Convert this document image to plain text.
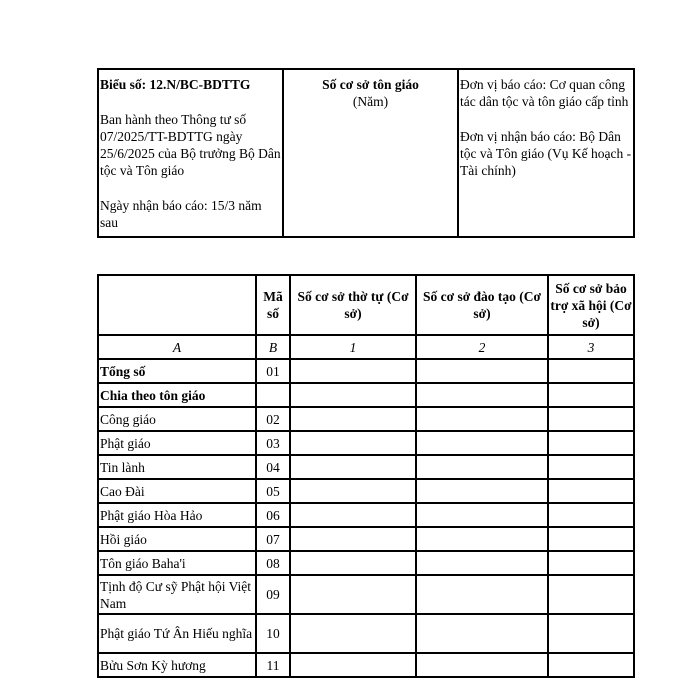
Biểu số: 12.N/BC-BDTTG

Ban hành theo Thông tư số 07/2025/TT-BDTTG ngày 25/6/2025 của Bộ trưởng Bộ Dân tộc và Tôn giáo

Ngày nhận báo cáo: 15/3 năm sau

Số cơ sở tôn giáo
(Năm)

Đơn vị báo cáo: Cơ quan công tác dân tộc và tôn giáo cấp tỉnh

Đơn vị nhận báo cáo: Bộ Dân tộc và Tôn giáo (Vụ Kế hoạch - Tài chính)

	Mã số	Số cơ sở thờ tự (Cơ sở)	Số cơ sở đào tạo (Cơ sở)	Số cơ sở bảo trợ xã hội (Cơ sở)
A	B	1	2	3
Tổng số	01			
Chia theo tôn giáo				
Công giáo	02			
Phật giáo	03			
Tin lành	04			
Cao Đài	05			
Phật giáo Hòa Hảo	06			
Hồi giáo	07			
Tôn giáo Baha'i	08			
Tịnh độ Cư sỹ Phật hội Việt Nam	09			
Phật giáo Tứ Ân Hiếu nghĩa	10			
Bửu Sơn Kỳ hương	11			
